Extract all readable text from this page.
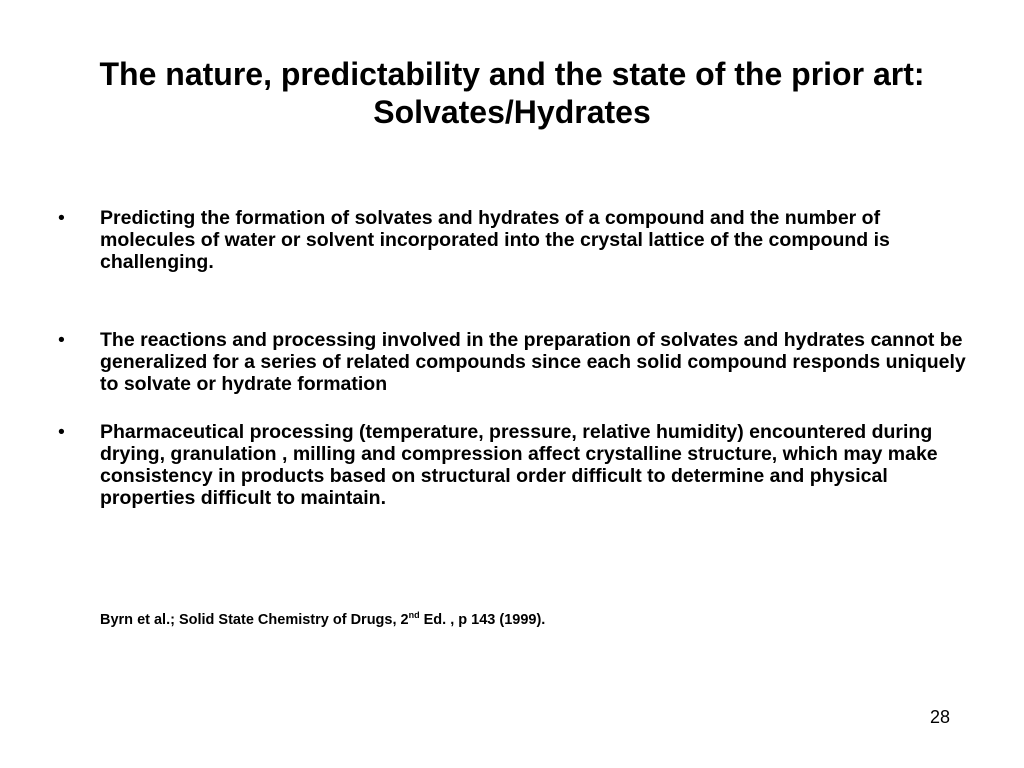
The nature, predictability and the state of the prior art:
Solvates/Hydrates
• Predicting the formation of solvates and hydrates of a compound and the number of molecules of water or solvent incorporated into the crystal lattice of the compound is challenging.
• The reactions and processing involved in the preparation of solvates and hydrates cannot be generalized for a series of related compounds since each solid compound responds uniquely to solvate or hydrate formation
• Pharmaceutical processing (temperature, pressure, relative humidity) encountered during drying, granulation , milling and compression affect crystalline structure, which may make consistency in products based on structural order difficult to determine and physical properties difficult to maintain.
Byrn et al.; Solid State Chemistry of Drugs, 2nd Ed. , p 143 (1999).
28
